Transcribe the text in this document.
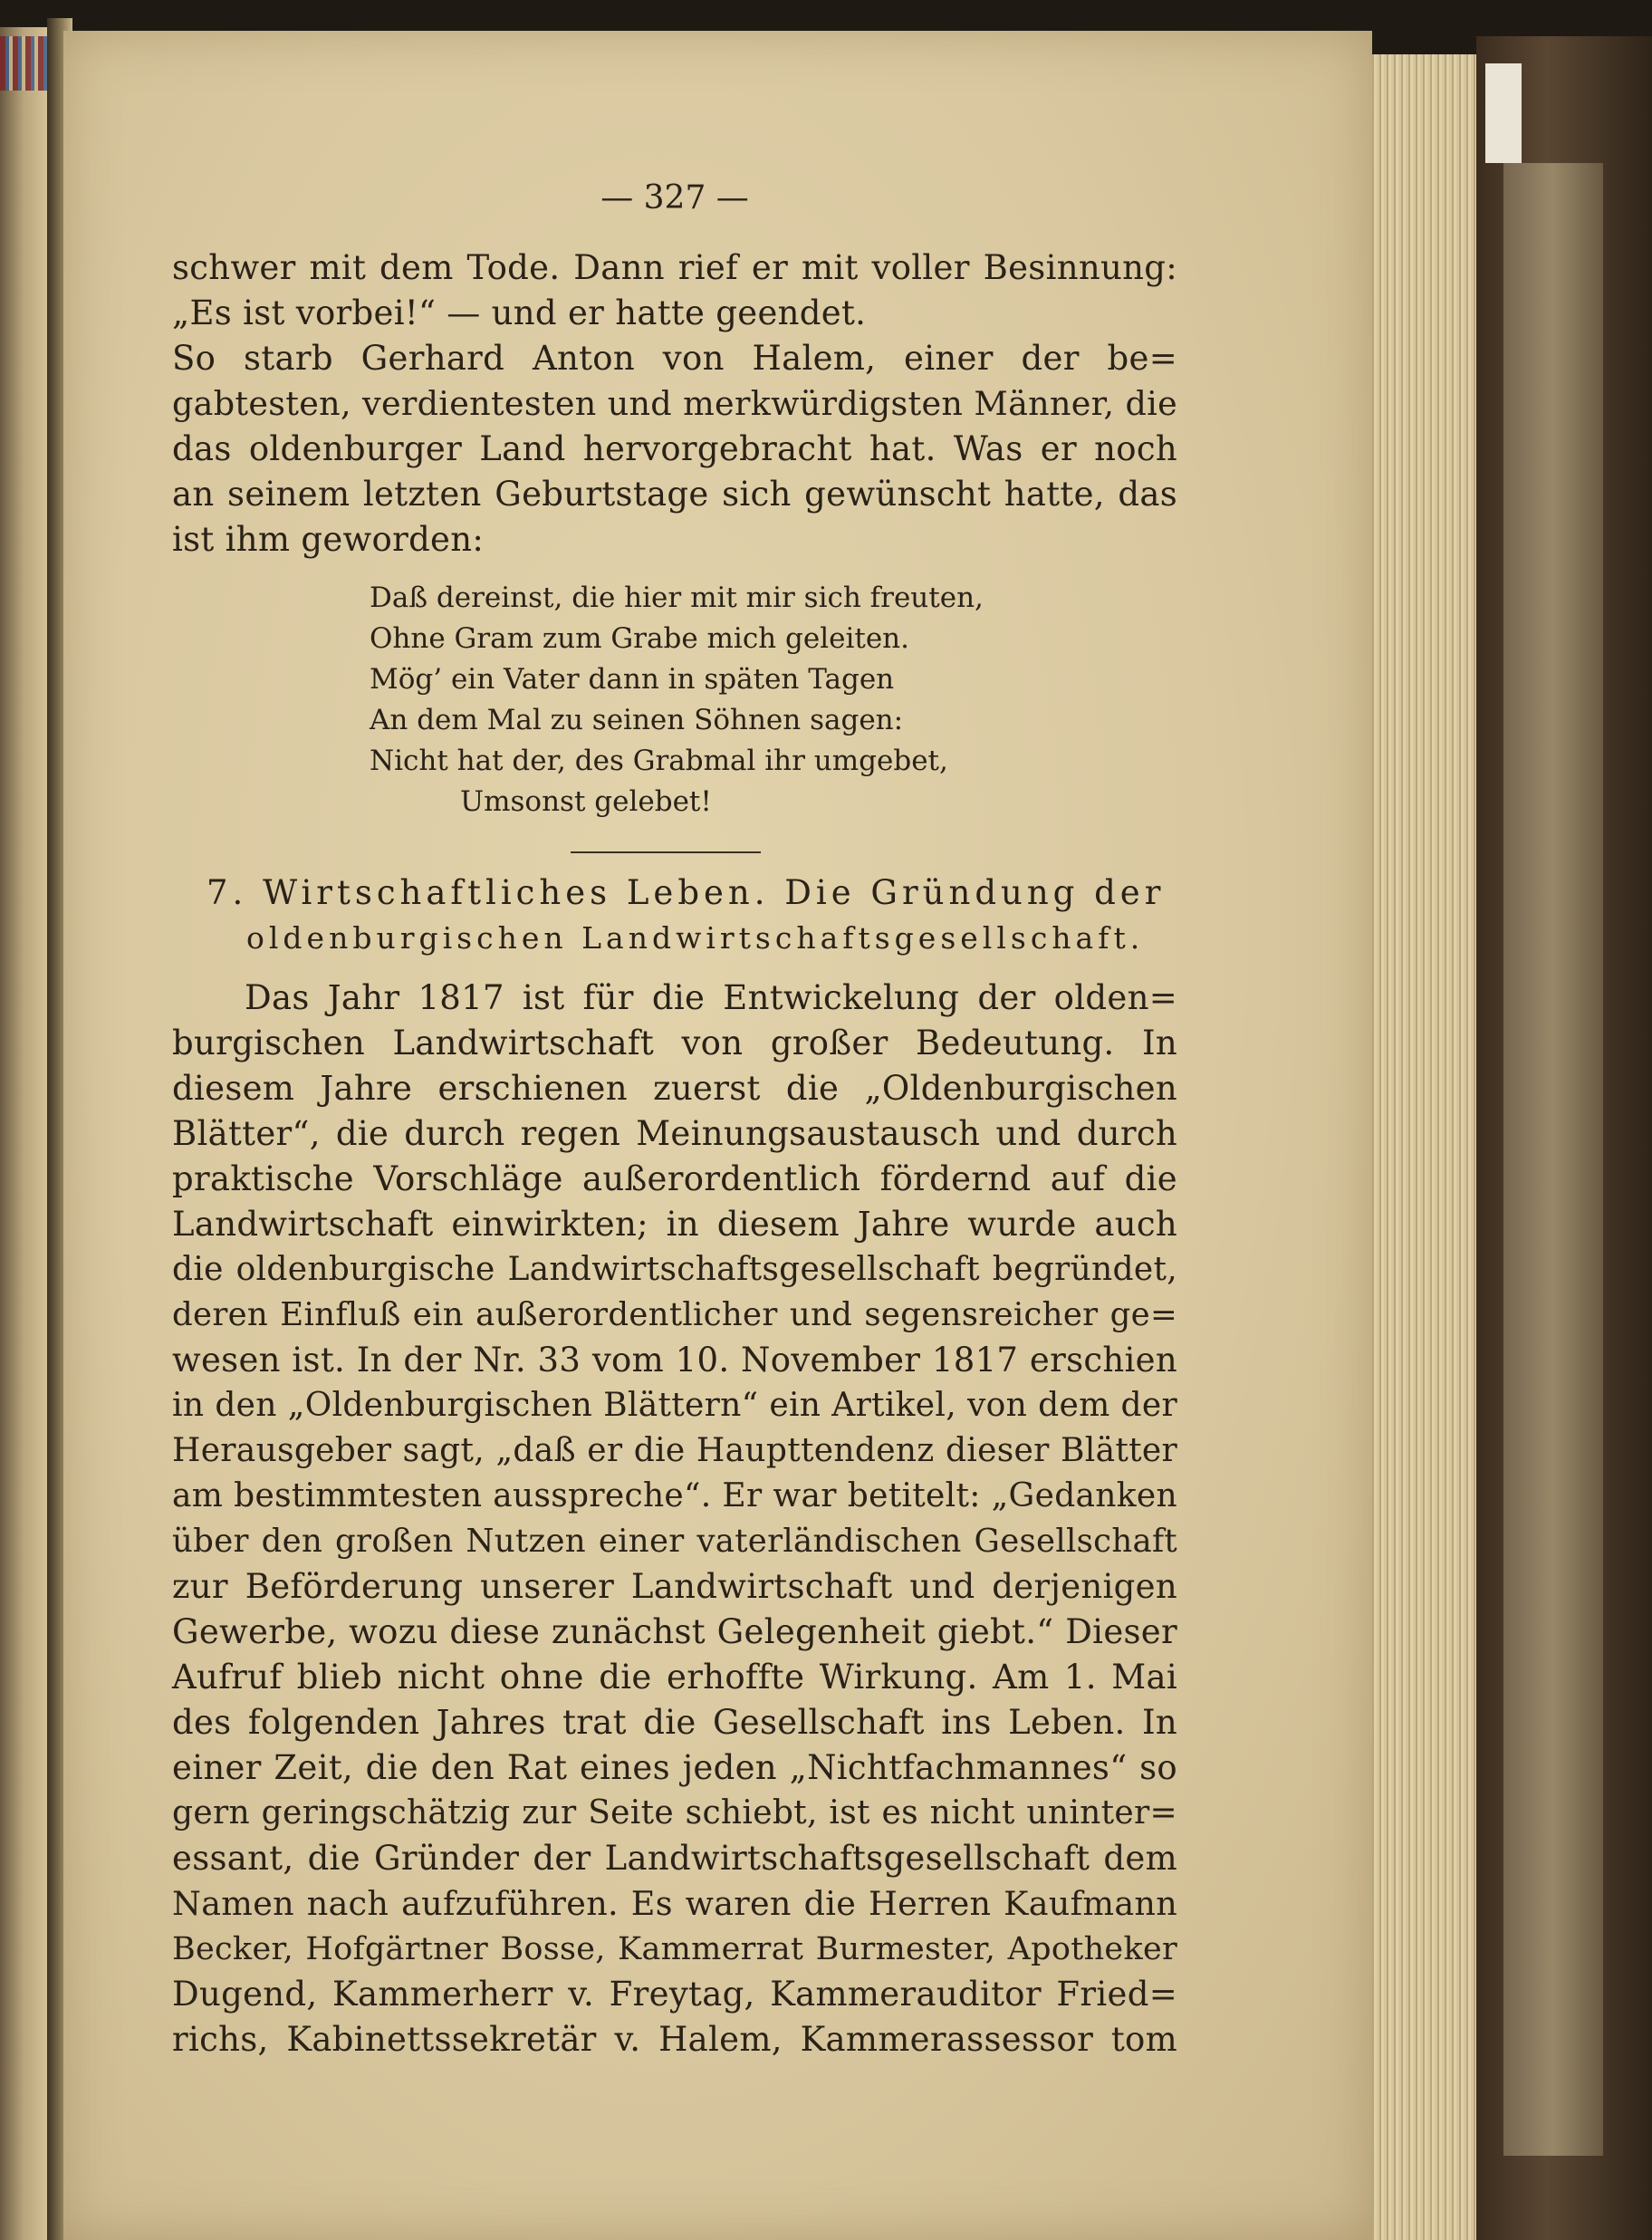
— 327 —
schwer mit dem Tode. Dann rief er mit voller Besinnung:
„Es ist vorbei!“ — und er hatte geendet.
So starb Gerhard Anton von Halem, einer der be=
gabtesten, verdientesten und merkwürdigsten Männer, die
das oldenburger Land hervorgebracht hat. Was er noch
an seinem letzten Geburtstage sich gewünscht hatte, das
ist ihm geworden:
Daß dereinst, die hier mit mir sich freuten,
Ohne Gram zum Grabe mich geleiten.
Mög’ ein Vater dann in späten Tagen
An dem Mal zu seinen Söhnen sagen:
Nicht hat der, des Grabmal ihr umgebet,
Umsonst gelebet!
7. Wirtschaftliches Leben. Die Gründung der
oldenburgischen Landwirtschaftsgesellschaft.
Das Jahr 1817 ist für die Entwickelung der olden=
burgischen Landwirtschaft von großer Bedeutung. In
diesem Jahre erschienen zuerst die „Oldenburgischen
Blätter“, die durch regen Meinungsaustausch und durch
praktische Vorschläge außerordentlich fördernd auf die
Landwirtschaft einwirkten; in diesem Jahre wurde auch
die oldenburgische Landwirtschaftsgesellschaft begründet,
deren Einfluß ein außerordentlicher und segensreicher ge=
wesen ist. In der Nr. 33 vom 10. November 1817 erschien
in den „Oldenburgischen Blättern“ ein Artikel, von dem der
Herausgeber sagt, „daß er die Haupttendenz dieser Blätter
am bestimmtesten ausspreche“. Er war betitelt: „Gedanken
über den großen Nutzen einer vaterländischen Gesellschaft
zur Beförderung unserer Landwirtschaft und derjenigen
Gewerbe, wozu diese zunächst Gelegenheit giebt.“ Dieser
Aufruf blieb nicht ohne die erhoffte Wirkung. Am 1. Mai
des folgenden Jahres trat die Gesellschaft ins Leben. In
einer Zeit, die den Rat eines jeden „Nichtfachmannes“ so
gern geringschätzig zur Seite schiebt, ist es nicht uninter=
essant, die Gründer der Landwirtschaftsgesellschaft dem
Namen nach aufzuführen. Es waren die Herren Kaufmann
Becker, Hofgärtner Bosse, Kammerrat Burmester, Apotheker
Dugend, Kammerherr v. Freytag, Kammerauditor Fried=
richs, Kabinettssekretär v. Halem, Kammerassessor tom
